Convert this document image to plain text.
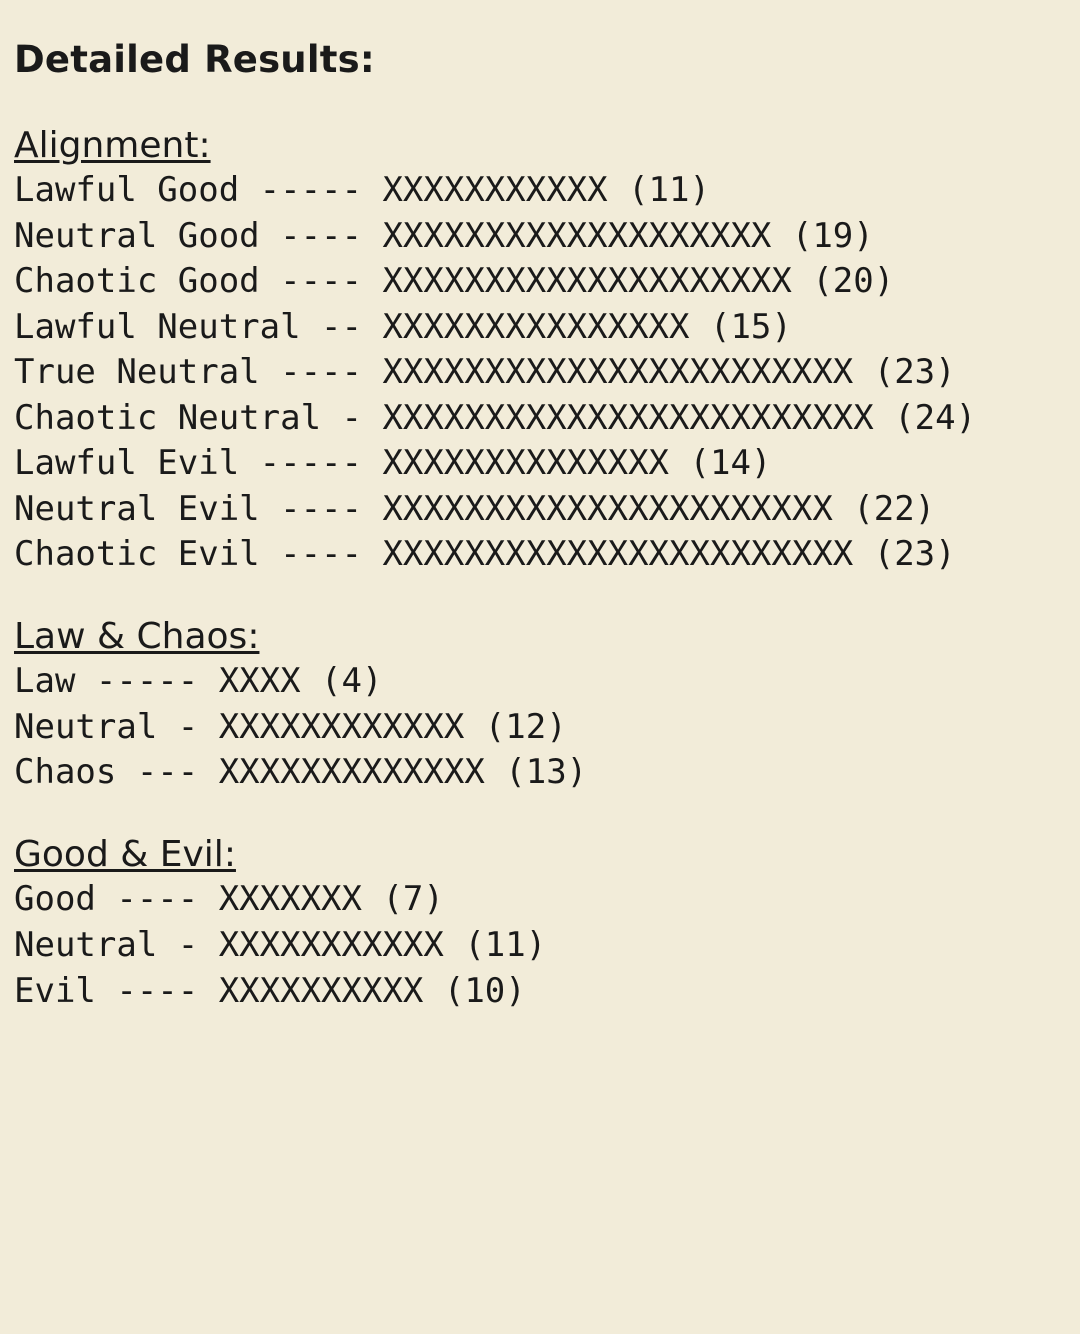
Detailed Results:
Alignment:
Lawful Good ----- XXXXXXXXXXX (11)
Neutral Good ---- XXXXXXXXXXXXXXXXXXX (19)
Chaotic Good ---- XXXXXXXXXXXXXXXXXXXX (20)
Lawful Neutral -- XXXXXXXXXXXXXXX (15)
True Neutral ---- XXXXXXXXXXXXXXXXXXXXXXX (23)
Chaotic Neutral - XXXXXXXXXXXXXXXXXXXXXXXX (24)
Lawful Evil ----- XXXXXXXXXXXXXX (14)
Neutral Evil ---- XXXXXXXXXXXXXXXXXXXXXX (22)
Chaotic Evil ---- XXXXXXXXXXXXXXXXXXXXXXX (23)
Law & Chaos:
Law ----- XXXX (4)
Neutral - XXXXXXXXXXXX (12)
Chaos --- XXXXXXXXXXXXX (13)
Good & Evil:
Good ---- XXXXXXX (7)
Neutral - XXXXXXXXXXX (11)
Evil ---- XXXXXXXXXX (10)
